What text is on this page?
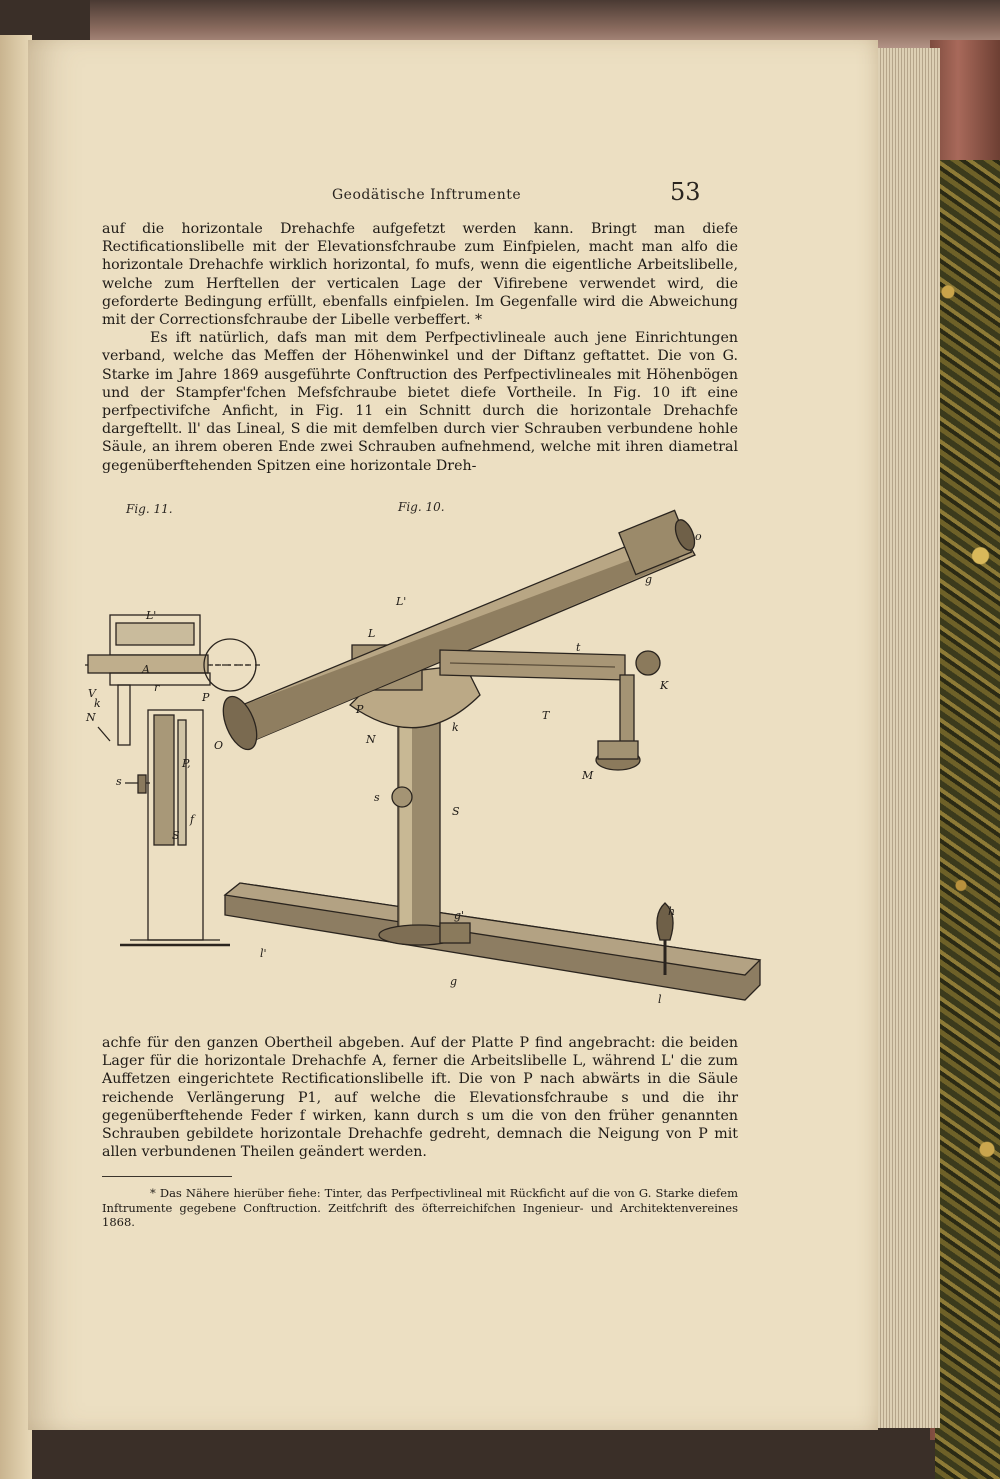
Geodätische Inftrumente	53

auf die horizontale Drehachfe aufgefetzt werden kann. Bringt man diefe Rectificationslibelle mit der Elevationsfchraube zum Einfpielen, macht man alfo die horizontale Drehachfe wirklich horizontal, fo mufs, wenn die eigentliche Arbeitslibelle, welche zum Herftellen der verticalen Lage der Vifirebene verwendet wird, die geforderte Bedingung erfüllt, ebenfalls einfpielen. Im Gegenfalle wird die Abweichung mit der Correctionsfchraube der Libelle verbeffert. *

Es ift natürlich, dafs man mit dem Perfpectivlineale auch jene Einrichtungen verband, welche das Meffen der Höhenwinkel und der Diftanz geftattet. Die von G. Starke im Jahre 1869 ausgeführte Conftruction des Perfpectivlineales mit Höhenbögen und der Stampfer'fchen Mefsfchraube bietet diefe Vortheile. In Fig. 10 ift eine perfpectivifche Anficht, in Fig. 11 ein Schnitt durch die horizontale Drehachfe dargeftellt. ll' das Lineal, S die mit demfelben durch vier Schrauben verbundene hohle Säule, an ihrem oberen Ende zwei Schrauben aufnehmend, welche mit ihren diametral gegenüberftehenden Spitzen eine horizontale Dreh-

Fig. 11.	Fig. 10.
L'
A
r
P
V
k
N
P,
s
f
S
o
g
L'
L
t
K
P	T
O	N
k
M
s
S
g'	h
l'
g
l

achfe für den ganzen Obertheil abgeben. Auf der Platte P find angebracht: die beiden Lager für die horizontale Drehachfe A, ferner die Arbeitslibelle L, während L' die zum Auffetzen eingerichtete Rectificationslibelle ift. Die von P nach abwärts in die Säule reichende Verlängerung P1, auf welche die Elevationsfchraube s und die ihr gegenüberftehende Feder f wirken, kann durch s um die von den früher genannten Schrauben gebildete horizontale Drehachfe gedreht, demnach die Neigung von P mit allen verbundenen Theilen geändert werden.

* Das Nähere hierüber fiehe: Tinter, das Perfpectivlineal mit Rückficht auf die von G. Starke diefem Inftrumente gegebene Conftruction. Zeitfchrift des öfterreichifchen Ingenieur- und Architektenvereines 1868.
